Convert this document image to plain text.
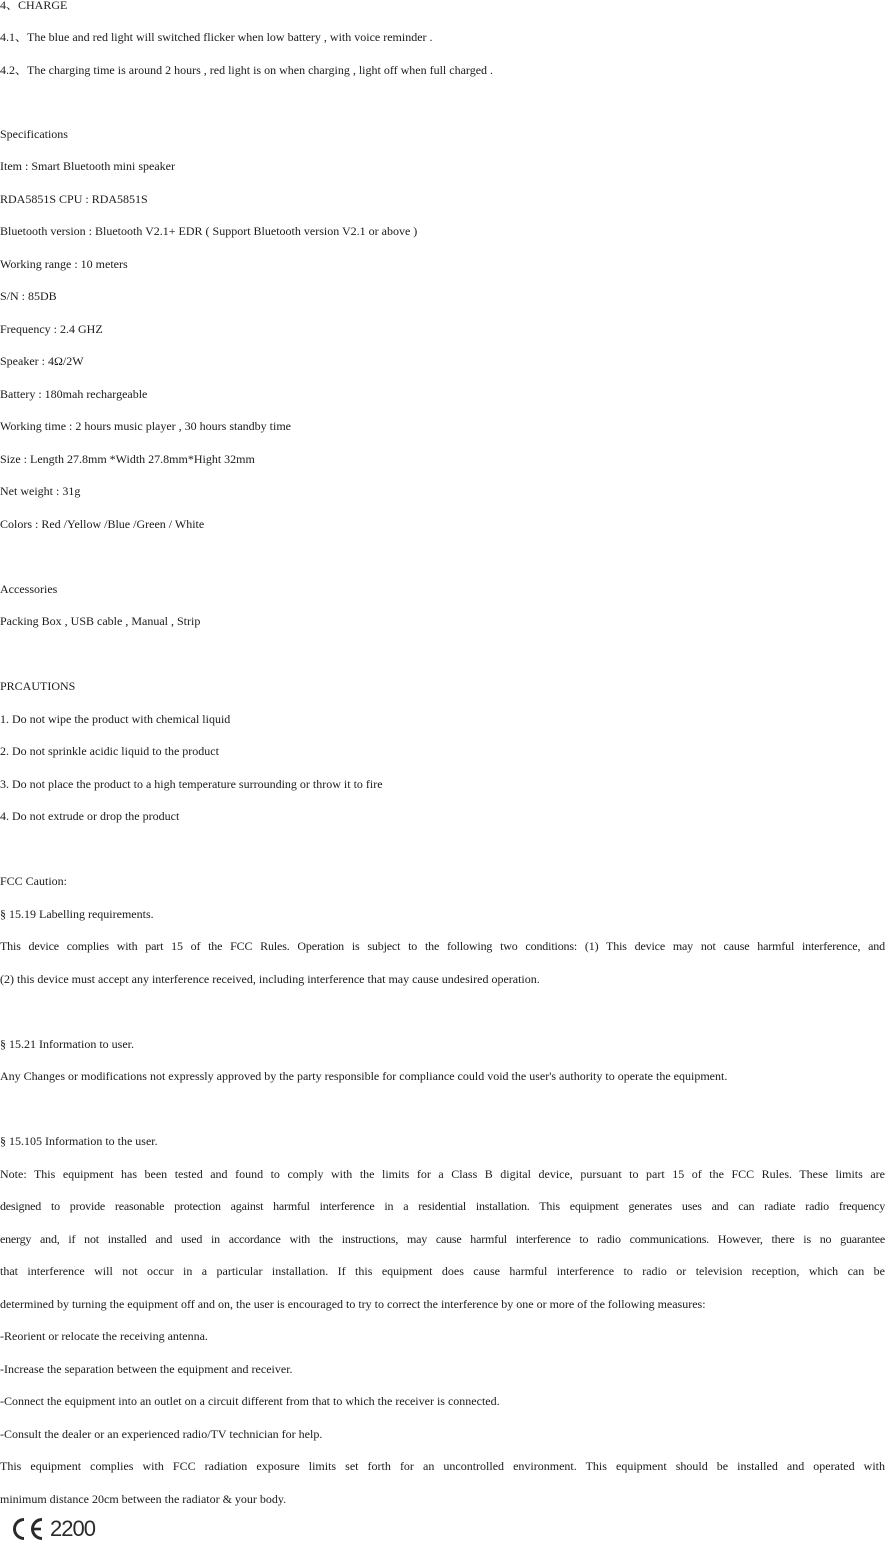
4、CHARGE
4.1、The blue and red light will switched flicker when low battery , with voice reminder .
4.2、The charging time is around 2 hours , red light is on when charging , light off when full charged .
Specifications
Item : Smart Bluetooth mini speaker
RDA5851S CPU : RDA5851S
Bluetooth version : Bluetooth V2.1+ EDR ( Support Bluetooth version V2.1 or above )
Working range : 10 meters
S/N : 85DB
Frequency : 2.4 GHZ
Speaker : 4Ω/2W
Battery : 180mah rechargeable
Working time : 2 hours music player , 30 hours standby time
Size : Length 27.8mm *Width 27.8mm*Hight 32mm
Net weight : 31g
Colors : Red /Yellow /Blue /Green / White
Accessories
Packing Box , USB cable , Manual , Strip
PRCAUTIONS
1. Do not wipe the product with chemical liquid
2. Do not sprinkle acidic liquid to the product
3. Do not place the product to a high temperature surrounding or throw it to fire
4. Do not extrude or drop the product
FCC Caution:
§ 15.19 Labelling requirements.
This device complies with part 15 of the FCC Rules. Operation is subject to the following two conditions: (1) This device may not cause harmful interference, and
(2) this device must accept any interference received, including interference that may cause undesired operation.
§ 15.21 Information to user.
Any Changes or modifications not expressly approved by the party responsible for compliance could void the user's authority to operate the equipment.
§ 15.105 Information to the user.
Note: This equipment has been tested and found to comply with the limits for a Class B digital device, pursuant to part 15 of the FCC Rules. These limits are
designed to provide reasonable protection against harmful interference in a residential installation. This equipment generates uses and can radiate radio frequency
energy and, if not installed and used in accordance with the instructions, may cause harmful interference to radio communications. However, there is no guarantee
that interference will not occur in a particular installation. If this equipment does cause harmful interference to radio or television reception, which can be
determined by turning the equipment off and on, the user is encouraged to try to correct the interference by one or more of the following measures:
-Reorient or relocate the receiving antenna.
-Increase the separation between the equipment and receiver.
-Connect the equipment into an outlet on a circuit different from that to which the receiver is connected.
-Consult the dealer or an experienced radio/TV technician for help.
This equipment complies with FCC radiation exposure limits set forth for an uncontrolled environment. This equipment should be installed and operated with
minimum distance 20cm between the radiator & your body.
2200
